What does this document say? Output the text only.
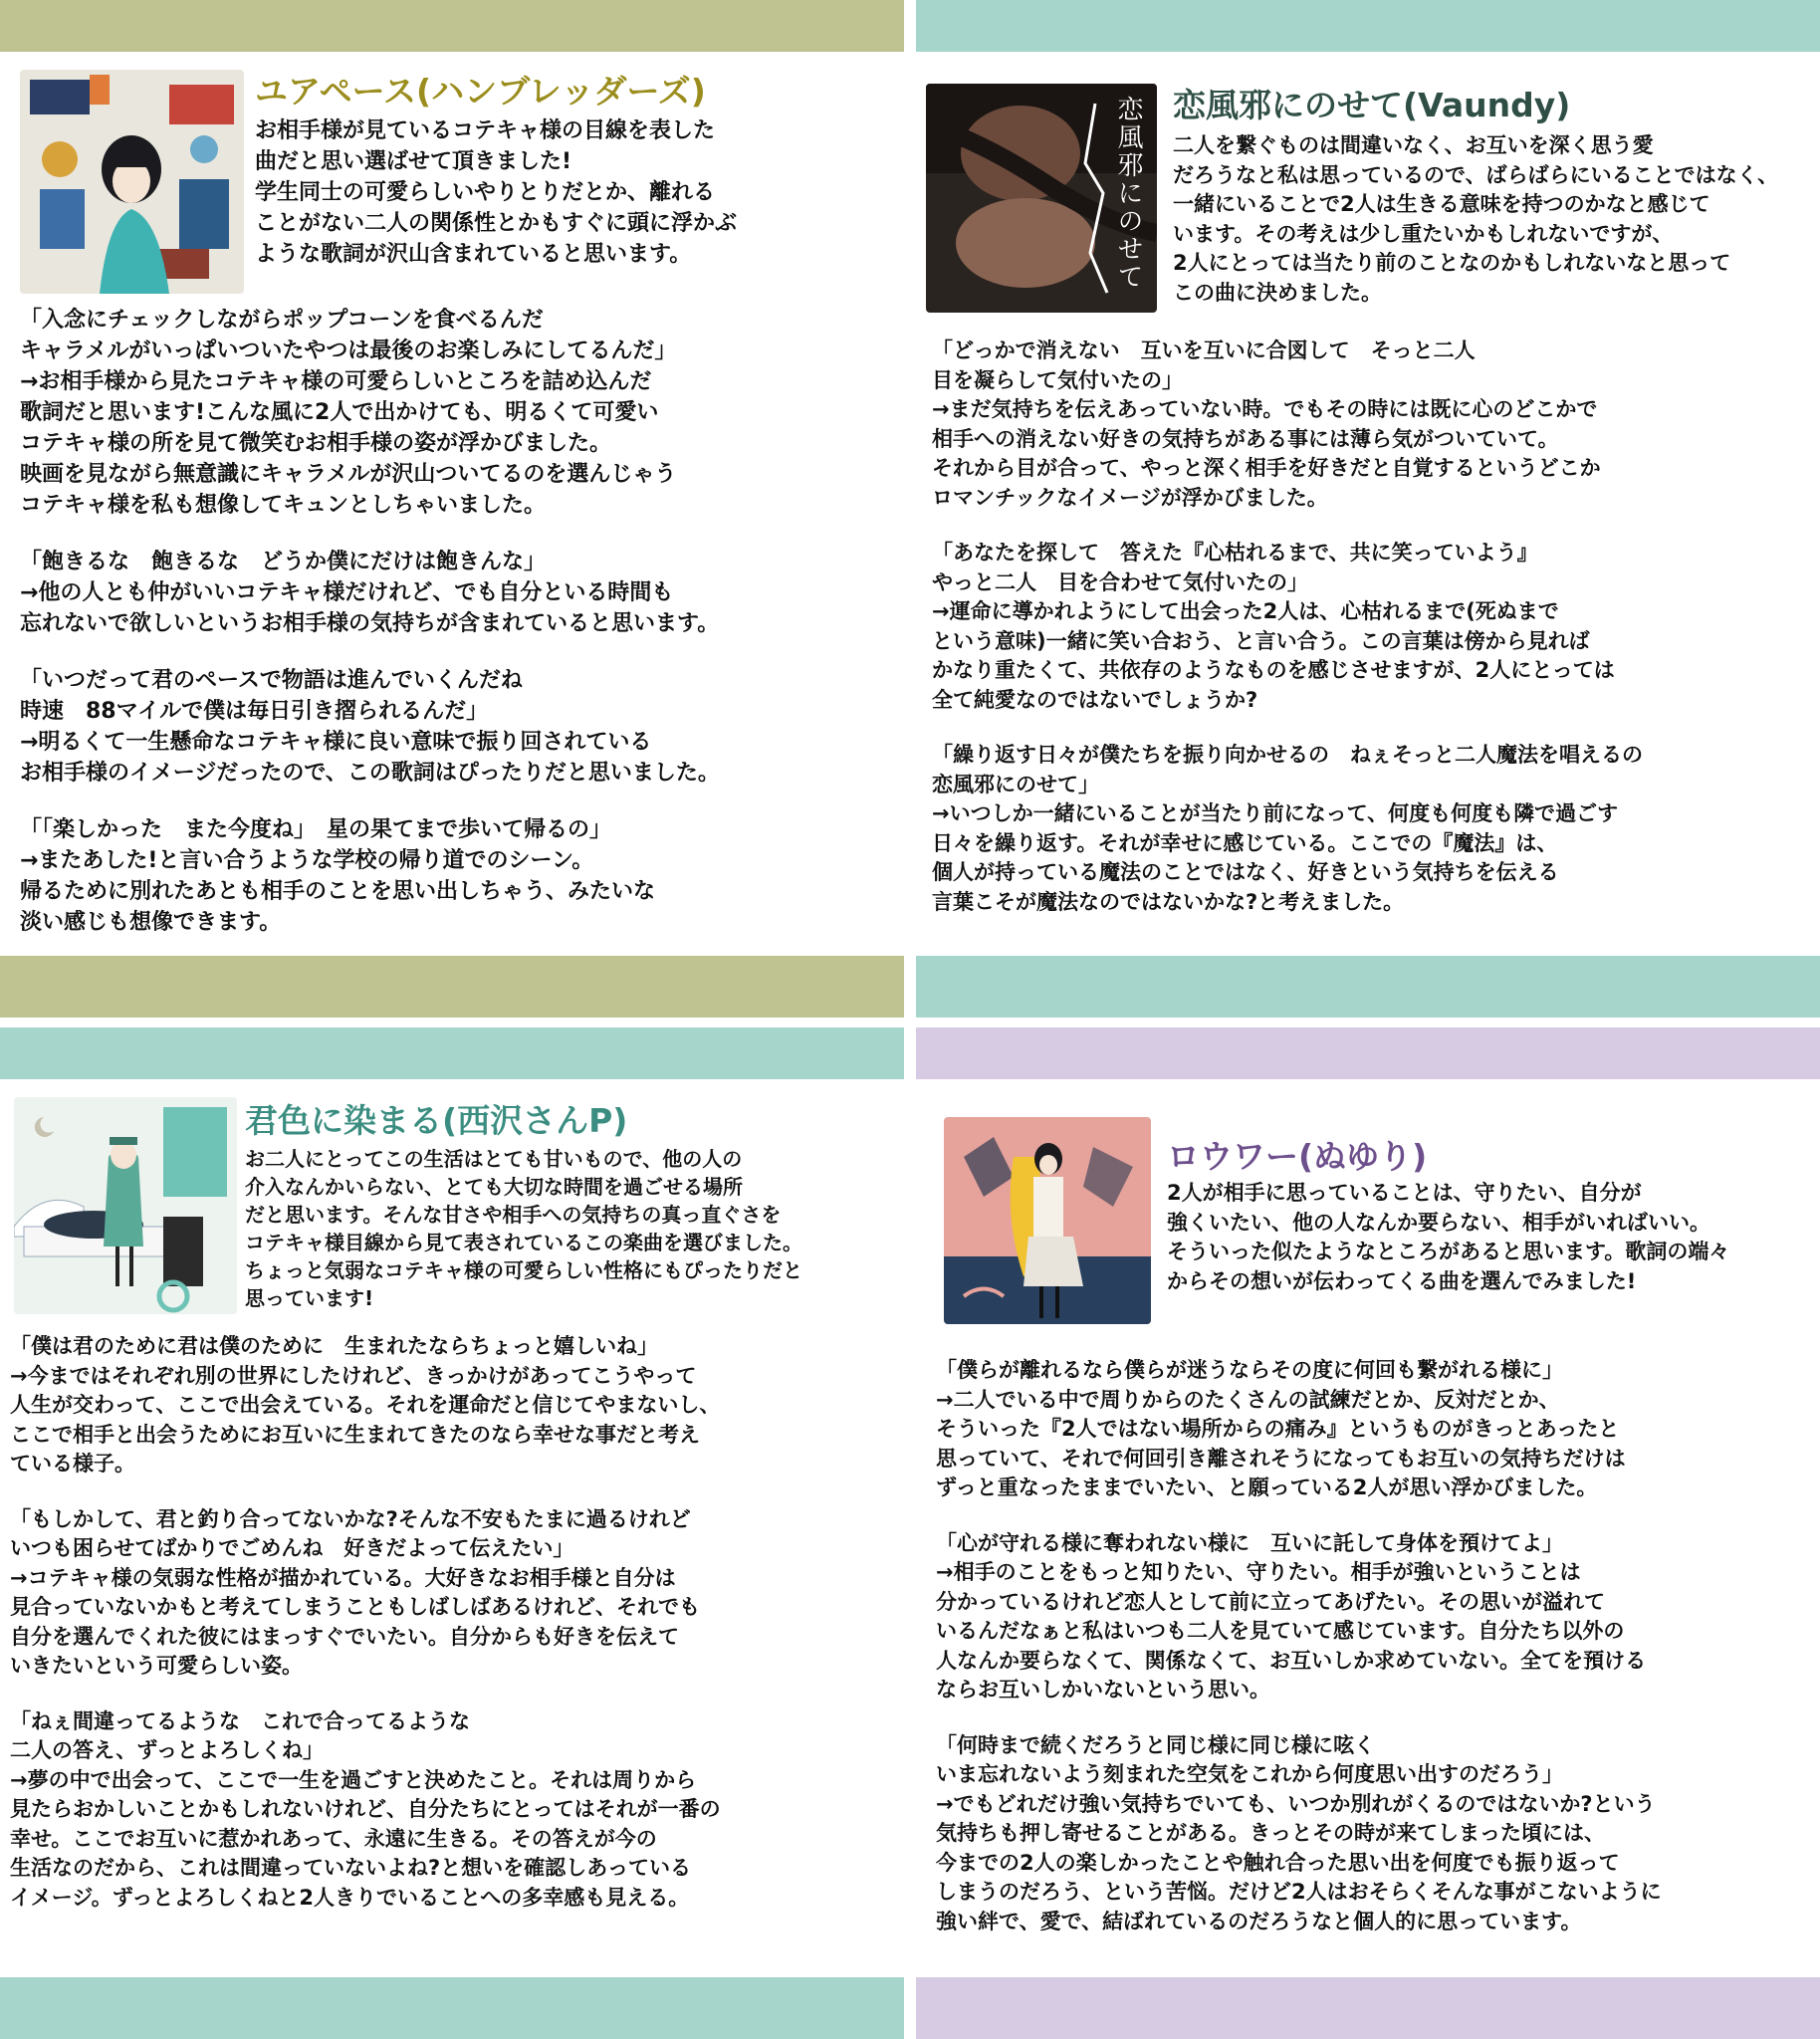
ユアペース(ハンブレッダーズ)
お相手様が見ているコテキャ様の目線を表した
曲だと思い選ばせて頂きました!
学生同士の可愛らしいやりとりだとか、離れる
ことがない二人の関係性とかもすぐに頭に浮かぶ
ような歌詞が沢山含まれていると思います。
「入念にチェックしながらポップコーンを食べるんだ
キャラメルがいっぱいついたやつは最後のお楽しみにしてるんだ」
→お相手様から見たコテキャ様の可愛らしいところを詰め込んだ
歌詞だと思います!こんな風に2人で出かけても、明るくて可愛い
コテキャ様の所を見て微笑むお相手様の姿が浮かびました。
映画を見ながら無意識にキャラメルが沢山ついてるのを選んじゃう
コテキャ様を私も想像してキュンとしちゃいました。
「飽きるな　飽きるな　どうか僕にだけは飽きんな」
→他の人とも仲がいいコテキャ様だけれど、でも自分といる時間も
忘れないで欲しいというお相手様の気持ちが含まれていると思います。
「いつだって君のペースで物語は進んでいくんだね
時速　88マイルで僕は毎日引き摺られるんだ」
→明るくて一生懸命なコテキャ様に良い意味で振り回されている
お相手様のイメージだったので、この歌詞はぴったりだと思いました。
「「楽しかった　また今度ね」　星の果てまで歩いて帰るの」
→またあした!と言い合うような学校の帰り道でのシーン。
帰るために別れたあとも相手のことを思い出しちゃう、みたいな
淡い感じも想像できます。
恋風邪にのせて 恋風邪にのせて(Vaundy)
二人を繋ぐものは間違いなく、お互いを深く思う愛
だろうなと私は思っているので、ばらばらにいることではなく、
一緒にいることで2人は生きる意味を持つのかなと感じて
います。その考えは少し重たいかもしれないですが、
2人にとっては当たり前のことなのかもしれないなと思って
この曲に決めました。
「どっかで消えない　互いを互いに合図して　そっと二人
目を凝らして気付いたの」
→まだ気持ちを伝えあっていない時。でもその時には既に心のどこかで
相手への消えない好きの気持ちがある事には薄ら気がついていて。
それから目が合って、やっと深く相手を好きだと自覚するというどこか
ロマンチックなイメージが浮かびました。
「あなたを探して　答えた『心枯れるまで、共に笑っていよう』
やっと二人　目を合わせて気付いたの」
→運命に導かれようにして出会った2人は、心枯れるまで(死ぬまで
という意味)一緒に笑い合おう、と言い合う。この言葉は傍から見れば
かなり重たくて、共依存のようなものを感じさせますが、2人にとっては
全て純愛なのではないでしょうか?
「繰り返す日々が僕たちを振り向かせるの　ねぇそっと二人魔法を唱えるの
恋風邪にのせて」
→いつしか一緒にいることが当たり前になって、何度も何度も隣で過ごす
日々を繰り返す。それが幸せに感じている。ここでの『魔法』は、
個人が持っている魔法のことではなく、好きという気持ちを伝える
言葉こそが魔法なのではないかな?と考えました。
君色に染まる(西沢さんP)
お二人にとってこの生活はとても甘いもので、他の人の
介入なんかいらない、とても大切な時間を過ごせる場所
だと思います。そんな甘さや相手への気持ちの真っ直ぐさを
コテキャ様目線から見て表されているこの楽曲を選びました。
ちょっと気弱なコテキャ様の可愛らしい性格にもぴったりだと
思っています!
「僕は君のために君は僕のために　生まれたならちょっと嬉しいね」
→今まではそれぞれ別の世界にしたけれど、きっかけがあってこうやって
人生が交わって、ここで出会えている。それを運命だと信じてやまないし、
ここで相手と出会うためにお互いに生まれてきたのなら幸せな事だと考え
ている様子。
「もしかして、君と釣り合ってないかな?そんな不安もたまに過るけれど
いつも困らせてばかりでごめんね　好きだよって伝えたい」
→コテキャ様の気弱な性格が描かれている。大好きなお相手様と自分は
見合っていないかもと考えてしまうこともしばしばあるけれど、それでも
自分を選んでくれた彼にはまっすぐでいたい。自分からも好きを伝えて
いきたいという可愛らしい姿。
「ねぇ間違ってるような　これで合ってるような
二人の答え、ずっとよろしくね」
→夢の中で出会って、ここで一生を過ごすと決めたこと。それは周りから
見たらおかしいことかもしれないけれど、自分たちにとってはそれが一番の
幸せ。ここでお互いに惹かれあって、永遠に生きる。その答えが今の
生活なのだから、これは間違っていないよね?と想いを確認しあっている
イメージ。ずっとよろしくねと2人きりでいることへの多幸感も見える。
ロウワー(ぬゆり)
2人が相手に思っていることは、守りたい、自分が
強くいたい、他の人なんか要らない、相手がいればいい。
そういった似たようなところがあると思います。歌詞の端々
からその想いが伝わってくる曲を選んでみました!
「僕らが離れるなら僕らが迷うならその度に何回も繋がれる様に」
→二人でいる中で周りからのたくさんの試練だとか、反対だとか、
そういった『2人ではない場所からの痛み』というものがきっとあったと
思っていて、それで何回引き離されそうになってもお互いの気持ちだけは
ずっと重なったままでいたい、と願っている2人が思い浮かびました。
「心が守れる様に奪われない様に　互いに託して身体を預けてよ」
→相手のことをもっと知りたい、守りたい。相手が強いということは
分かっているけれど恋人として前に立ってあげたい。その思いが溢れて
いるんだなぁと私はいつも二人を見ていて感じています。自分たち以外の
人なんか要らなくて、関係なくて、お互いしか求めていない。全てを預ける
ならお互いしかいないという思い。
「何時まで続くだろうと同じ様に同じ様に呟く
いま忘れないよう刻まれた空気をこれから何度思い出すのだろう」
→でもどれだけ強い気持ちでいても、いつか別れがくるのではないか?という
気持ちも押し寄せることがある。きっとその時が来てしまった頃には、
今までの2人の楽しかったことや触れ合った思い出を何度でも振り返って
しまうのだろう、という苦悩。だけど2人はおそらくそんな事がこないように
強い絆で、愛で、結ばれているのだろうなと個人的に思っています。
